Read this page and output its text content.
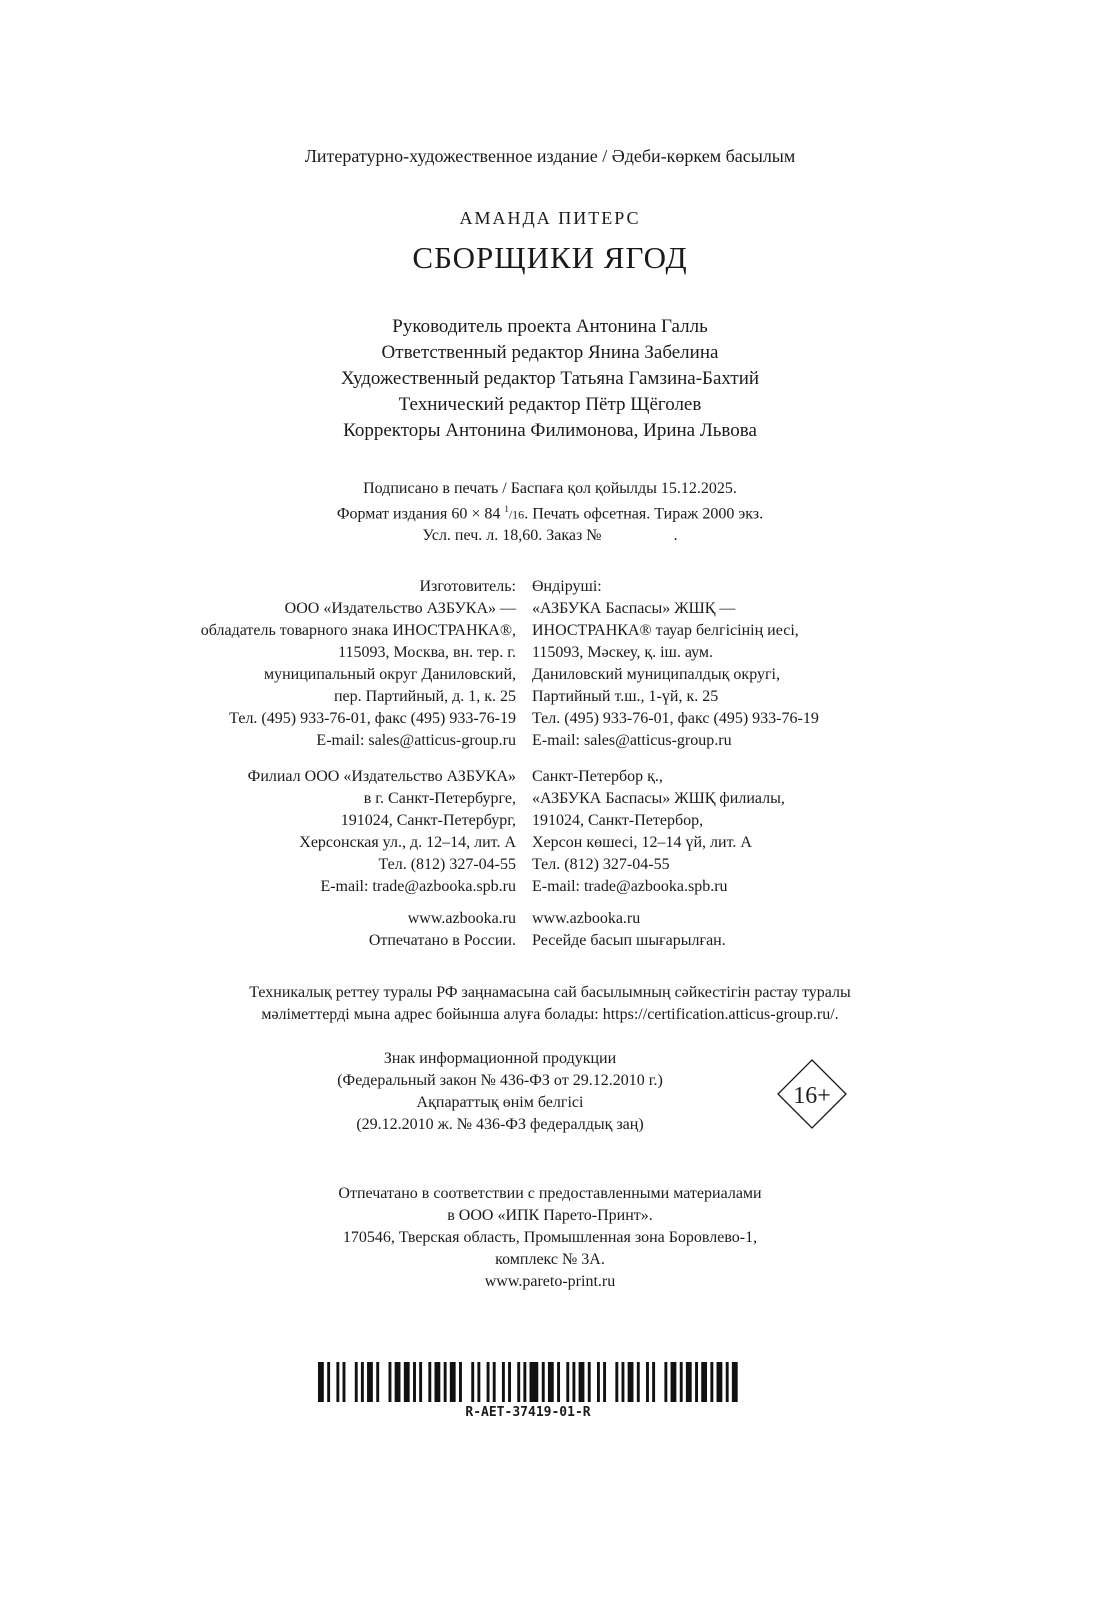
Литературно-художественное издание / Әдеби-көркем басылым
АМАНДА ПИТЕРС
СБОРЩИКИ ЯГОД
Руководитель проекта Антонина Галль
Ответственный редактор Янина Забелина
Художественный редактор Татьяна Гамзина-Бахтий
Технический редактор Пётр Щёголев
Корректоры Антонина Филимонова, Ирина Львова
Подписано в печать / Баспаға қол қойылды 15.12.2025.
Формат издания 60 × 84 $^1$/16. Печать офсетная. Тираж 2000 экз.
Усл. печ. л. 18,60. Заказ №                  .
Изготовитель:
ООО «Издательство АЗБУКА» —
обладатель товарного знака ИНОСТРАНКА®,
115093, Москва, вн. тер. г.
муниципальный округ Даниловский,
пер. Партийный, д. 1, к. 25
Тел. (495) 933-76-01, факс (495) 933-76-19
E-mail: sales@atticus-group.ru
Өндіруші:
«АЗБУКА Баспасы» ЖШҚ —
ИНОСТРАНКА® тауар белгісінің иесі,
115093, Мәскеу, қ. іш. аум.
Даниловский муниципалдық округі,
Партийный т.ш., 1-үй, к. 25
Тел. (495) 933-76-01, факс (495) 933-76-19
E-mail: sales@atticus-group.ru
Филиал ООО «Издательство АЗБУКА»
в г. Санкт-Петербурге,
191024, Санкт-Петербург,
Херсонская ул., д. 12–14, лит. А
Тел. (812) 327-04-55
E-mail: trade@azbooka.spb.ru
Санкт-Петербор қ.,
«АЗБУКА Баспасы» ЖШҚ филиалы,
191024, Санкт-Петербор,
Херсон көшесі, 12–14 үй, лит. А
Тел. (812) 327-04-55
E-mail: trade@azbooka.spb.ru
www.azbooka.ru
Отпечатано в России.
www.azbooka.ru
Ресейде басып шығарылған.
Техникалық реттеу туралы РФ заңнамасына сай басылымның сәйкестігін растау туралы
мәліметтерді мына адрес бойынша алуға болады: https://certification.atticus-group.ru/.
Знак информационной продукции
(Федеральный закон № 436-ФЗ от 29.12.2010 г.)
Ақпараттық өнім белгісі
(29.12.2010 ж. № 436-ФЗ федералдық заң)
16+
Отпечатано в соответствии с предоставленными материалами
в ООО «ИПК Парето-Принт».
170546, Тверская область, Промышленная зона Боровлево-1,
комплекс № 3А.
www.pareto-print.ru
R-AET-37419-01-R
